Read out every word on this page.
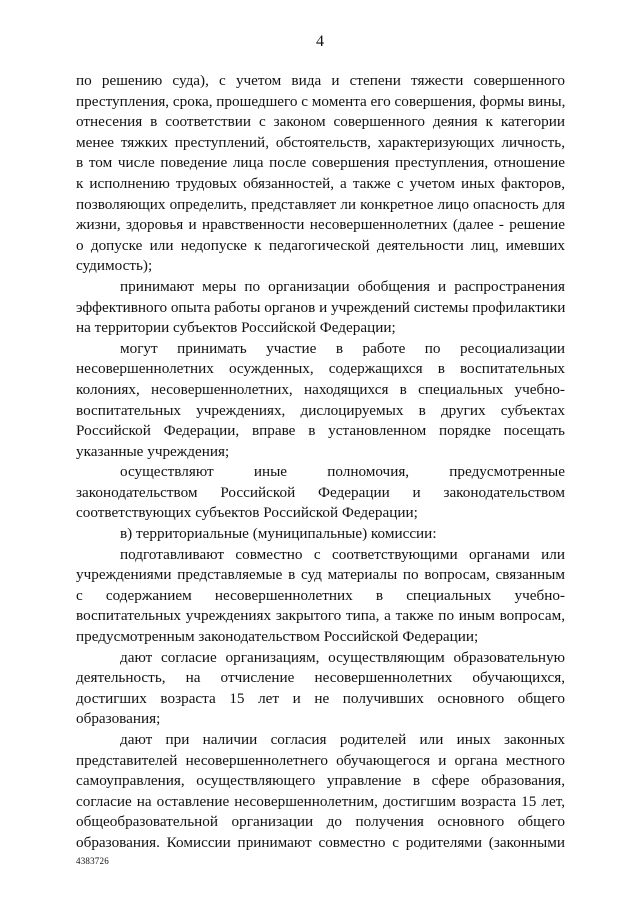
4
по решению суда), с учетом вида и степени тяжести совершенного
преступления, срока, прошедшего с момента его совершения, формы вины,
отнесения в соответствии с законом совершенного деяния к категории
менее тяжких преступлений, обстоятельств, характеризующих личность,
в том числе поведение лица после совершения преступления, отношение
к исполнению трудовых обязанностей, а также с учетом иных факторов,
позволяющих определить, представляет ли конкретное лицо опасность для
жизни, здоровья и нравственности несовершеннолетних (далее - решение
о допуске или недопуске к педагогической деятельности лиц, имевших
судимость);
принимают меры по организации обобщения и распространения
эффективного опыта работы органов и учреждений системы профилактики
на территории субъектов Российской Федерации;
могут принимать участие в работе по ресоциализации
несовершеннолетних осужденных, содержащихся в воспитательных
колониях, несовершеннолетних, находящихся в специальных учебно-
воспитательных учреждениях, дислоцируемых в других субъектах
Российской Федерации, вправе в установленном порядке посещать
указанные учреждения;
осуществляют иные полномочия, предусмотренные
законодательством Российской Федерации и законодательством
соответствующих субъектов Российской Федерации;
в) территориальные (муниципальные) комиссии:
подготавливают совместно с соответствующими органами или
учреждениями представляемые в суд материалы по вопросам, связанным
с содержанием несовершеннолетних в специальных учебно-
воспитательных учреждениях закрытого типа, а также по иным вопросам,
предусмотренным законодательством Российской Федерации;
дают согласие организациям, осуществляющим образовательную
деятельность, на отчисление несовершеннолетних обучающихся,
достигших возраста 15 лет и не получивших основного общего
образования;
дают при наличии согласия родителей или иных законных
представителей несовершеннолетнего обучающегося и органа местного
самоуправления, осуществляющего управление в сфере образования,
согласие на оставление несовершеннолетним, достигшим возраста 15 лет,
общеобразовательной организации до получения основного общего
образования. Комиссии принимают совместно с родителями (законными
4383726
